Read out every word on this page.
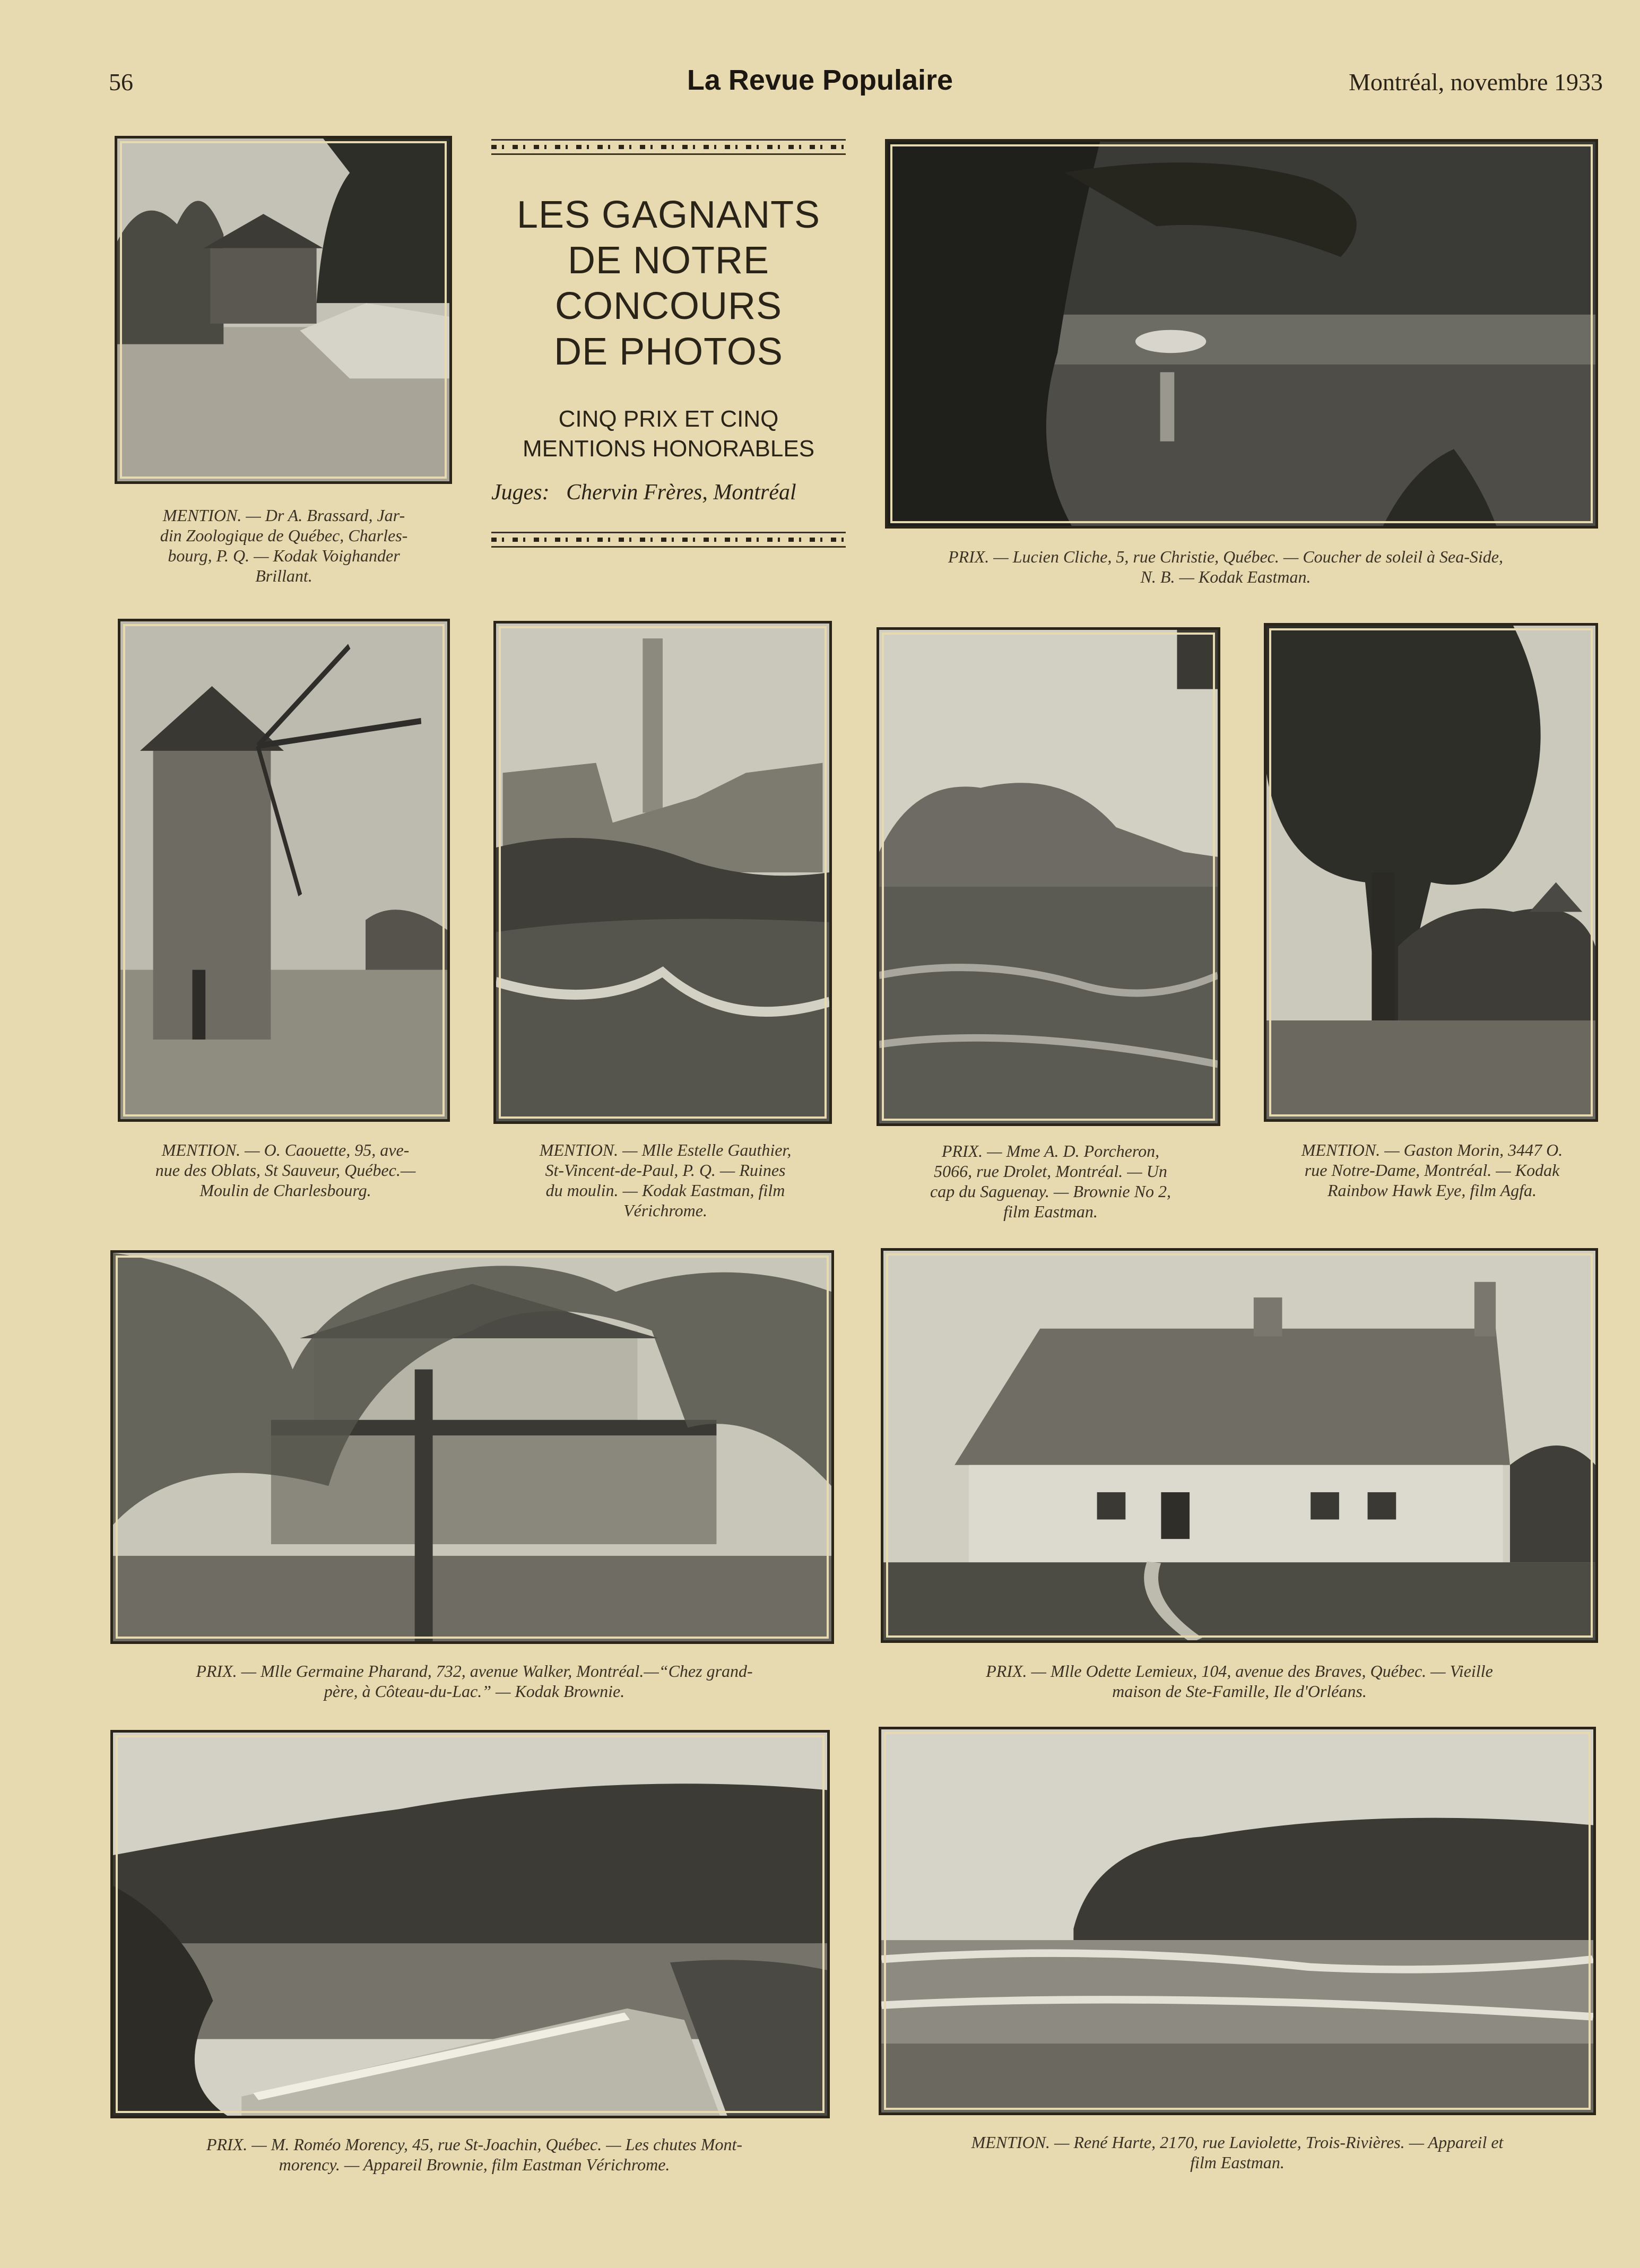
56	La Revue Populaire	Montréal, novembre 1933
MENTION. — Dr A. Brassard, Jar-
din Zoologique de Québec, Charles-
bourg, P. Q. — Kodak Voighander
Brillant.
LES GAGNANTS
DE NOTRE
CONCOURS
DE PHOTOS
CINQ PRIX ET CINQ
MENTIONS HONORABLES
Juges: Chervin Frères, Montréal
PRIX. — Lucien Cliche, 5, rue Christie, Québec. — Coucher de soleil à Sea-Side,
N. B. — Kodak Eastman.
MENTION. — O. Caouette, 95, ave-
nue des Oblats, St Sauveur, Québec.—
Moulin de Charlesbourg.
MENTION. — Mlle Estelle Gauthier,
St-Vincent-de-Paul, P. Q. — Ruines
du moulin. — Kodak Eastman, film
Vérichrome.
PRIX. — Mme A. D. Porcheron,
5066, rue Drolet, Montréal. — Un
cap du Saguenay. — Brownie No 2,
film Eastman.
MENTION. — Gaston Morin, 3447 O.
rue Notre-Dame, Montréal. — Kodak
Rainbow Hawk Eye, film Agfa.
PRIX. — Mlle Germaine Pharand, 732, avenue Walker, Montréal.—“Chez grand-
père, à Côteau-du-Lac.” — Kodak Brownie.
PRIX. — Mlle Odette Lemieux, 104, avenue des Braves, Québec. — Vieille
maison de Ste-Famille, Ile d'Orléans.
PRIX. — M. Roméo Morency, 45, rue St-Joachin, Québec. — Les chutes Mont-
morency. — Appareil Brownie, film Eastman Vérichrome.
MENTION. — René Harte, 2170, rue Laviolette, Trois-Rivières. — Appareil et
film Eastman.
